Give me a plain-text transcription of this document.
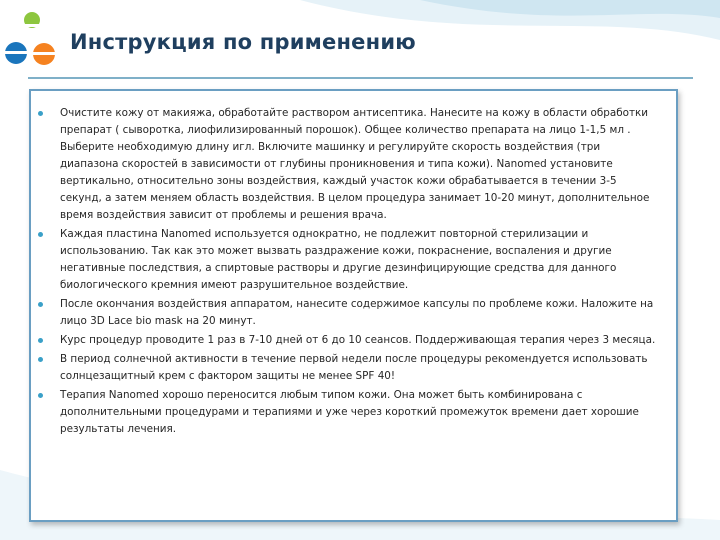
Инструкция по применению
Очистите кожу от макияжа, обработайте раствором антисептика. Нанесите на кожу в области обработки препарат ( сыворотка, лиофилизированный порошок). Общее количество препарата на лицо 1-1,5 мл . Выберите необходимую длину игл. Включите машинку и регулируйте скорость воздействия (три диапазона скоростей в зависимости от глубины проникновения и типа кожи). Nanomed установите вертикально, относительно зоны воздействия, каждый участок кожи обрабатывается в течении 3-5 секунд, а затем меняем область воздействия. В целом процедура занимает 10-20 минут, дополнительное время воздействия зависит от проблемы и решения врача.
Каждая пластина Nanomed используется однократно, не подлежит повторной стерилизации и использованию. Так как это может вызвать раздражение кожи, покраснение, воспаления и другие негативные последствия, а спиртовые растворы и другие дезинфицирующие средства для данного биологического кремния имеют разрушительное воздействие.
После окончания воздействия аппаратом, нанесите содержимое капсулы по проблеме кожи. Наложите на лицо 3D Lace bio mask на 20 минут.
Курс процедур проводите 1 раз в 7-10 дней от 6 до 10 сеансов. Поддерживающая терапия через 3 месяца.
В период солнечной активности в течение первой недели после процедуры рекомендуется использовать солнцезащитный крем с фактором защиты не менее SPF 40!
Терапия Nanomed хорошо переносится любым типом кожи. Она может быть комбинирована с дополнительными процедурами и терапиями и уже через короткий промежуток времени дает хорошие результаты лечения.
